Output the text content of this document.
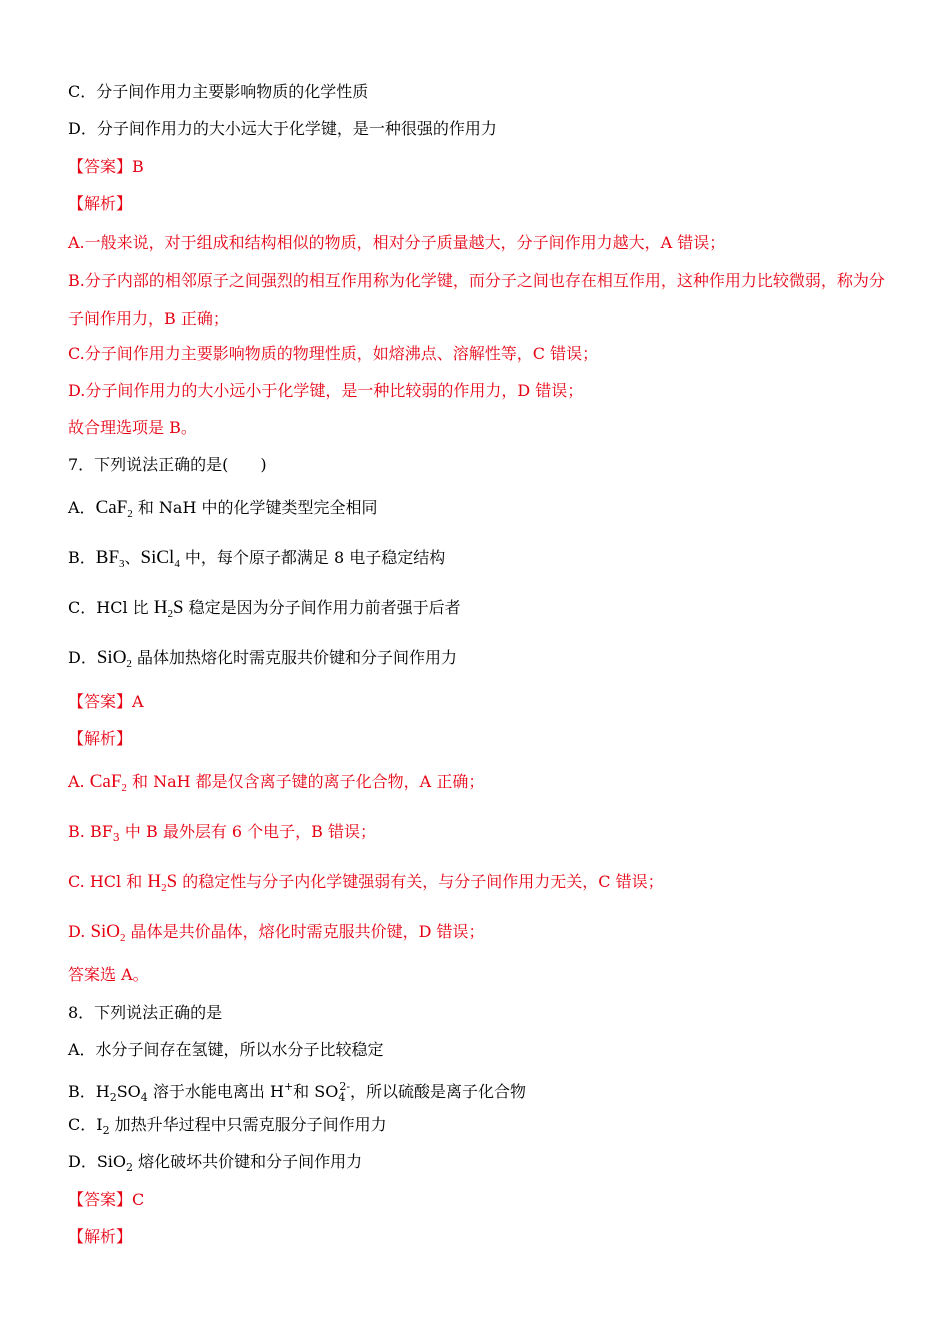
C．分子间作用力主要影响物质的化学性质
D．分子间作用力的大小远大于化学键，是一种很强的作用力
【答案】B
【解析】
A.一般来说，对于组成和结构相似的物质，相对分子质量越大，分子间作用力越大，A 错误；
B.分子内部的相邻原子之间强烈的相互作用称为化学键，而分子之间也存在相互作用，这种作用力比较微弱，称为分子间作用力，B 正确；
C.分子间作用力主要影响物质的物理性质，如熔沸点、溶解性等，C 错误；
D.分子间作用力的大小远小于化学键，是一种比较弱的作用力，D 错误；
故合理选项是 B。
7．下列说法正确的是(　　)
A．CaF$_2$ 和 NaH 中的化学键类型完全相同
B．$BF_3$、SiCl$_4$ 中，每个原子都满足 8 电子稳定结构
C．HCl 比 $H_2S$ 稳定是因为分子间作用力前者强于后者
D．SiO$_2$ 晶体加热熔化时需克服共价键和分子间作用力
【答案】A
【解析】
A. CaF$_2$ 和 NaH 都是仅含离子键的离子化合物，A 正确；
B. $BF_3$ 中 B 最外层有 6 个电子，B 错误；
C. HCl 和 $H_2S$ 的稳定性与分子内化学键强弱有关，与分子间作用力无关，C 错误；
D. SiO$_2$ 晶体是共价晶体，熔化时需克服共价键，D 错误；
答案选 A。
8．下列说法正确的是
A．水分子间存在氢键，所以水分子比较稳定
B．$H_2SO_4$ 溶于水能电离出 H+和 $SO_4^{2-}$，所以硫酸是离子化合物
C．$I_2$ 加热升华过程中只需克服分子间作用力
D．SiO$_2$ 熔化破坏共价键和分子间作用力
【答案】C
【解析】
